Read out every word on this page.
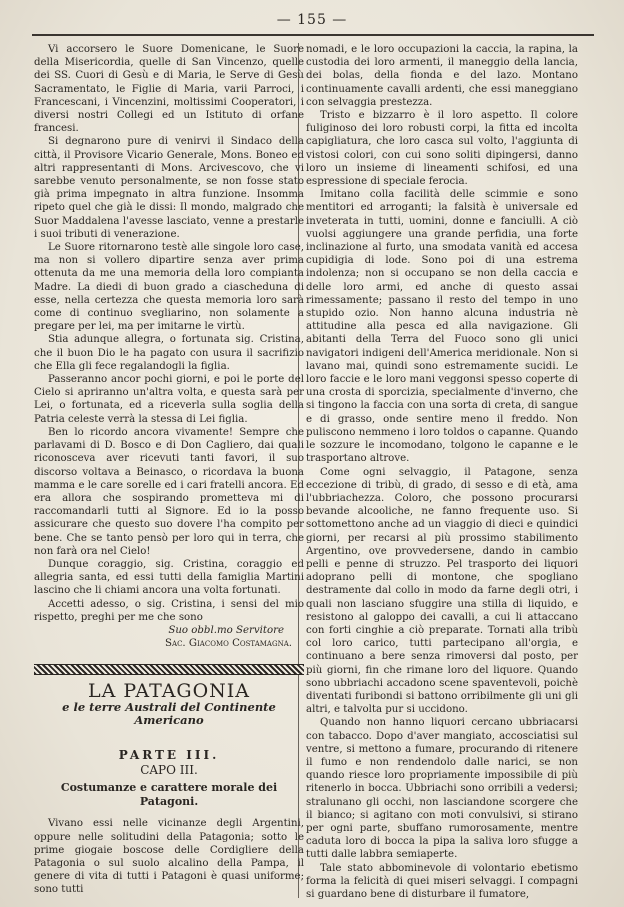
— 155 —

Vi accorsero le Suore Domenicane, le Suore della Misericordia, quelle di San Vincenzo, quelle dei SS. Cuori di Gesù e di Maria, le Serve di Gesù Sacramentato, le Figlie di Maria, varii Parroci, i Francescani, i Vincenzini, moltissimi Cooperatori, i diversi nostri Collegi ed un Istituto di orfane francesi.

Si degnarono pure di venirvi il Sindaco della città, il Provisore Vicario Generale, Mons. Boneo ed altri rappresentanti di Mons. Arcivescovo, che vi sarebbe venuto personalmente, se non fosse stato già prima impegnato in altra funzione. Insomma ripeto quel che già le dissi: Il mondo, malgrado che Suor Maddalena l'avesse lasciato, venne a prestarle i suoi tributi di venerazione.

Le Suore ritornarono testè alle singole loro case, ma non si vollero dipartire senza aver prima ottenuta da me una memoria della loro compianta Madre. La diedi di buon grado a ciascheduna di esse, nella certezza che questa memoria loro sarà come di continuo svegliarino, non solamente a pregare per lei, ma per imitarne le virtù.

Stia adunque allegra, o fortunata sig. Cristina, che il buon Dio le ha pagato con usura il sacrifizio che Ella gli fece regalandogli la figlia.

Passeranno ancor pochi giorni, e poi le porte del Cielo si apriranno un'altra volta, e questa sarà per Lei, o fortunata, ed a riceverla sulla soglia della Patria celeste verrà la stessa di Lei figlia.

Ben lo ricordo ancora vivamente! Sempre che parlavami di D. Bosco e di Don Cagliero, dai quali riconosceva aver ricevuti tanti favori, il suo discorso voltava a Beinasco, o ricordava la buona mamma e le care sorelle ed i cari fratelli ancora. Ed era allora che sospirando prometteva mi di raccomandarli tutti al Signore. Ed io la posso assicurare che questo suo dovere l'ha compito per bene. Che se tanto pensò per loro qui in terra, che non farà ora nel Cielo!

Dunque coraggio, sig. Cristina, coraggio ed allegria santa, ed essi tutti della famiglia Martini lascino che li chiami ancora una volta fortunati.

Accetti adesso, o sig. Cristina, i sensi del mio rispetto, preghi per me che sono

Suo obbl.mo Servitore

Sac. Giacomo Costamagna.

LA PATAGONIA

e le terre Australi del Continente Americano

PARTE III.

CAPO III.

Costumanze e carattere morale dei Patagoni.

Vivano essi nelle vicinanze degli Argentini, oppure nelle solitudini della Patagonia; sotto le prime giogaie boscose delle Cordigliere della Patagonia o sul suolo alcalino della Pampa, il genere di vita di tutti i Patagoni è quasi uniforme; sono tutti

nomadi, e le loro occupazioni la caccia, la rapina, la custodia dei loro armenti, il maneggio della lancia, dei bolas, della fionda e del lazo. Montano continuamente cavalli ardenti, che essi maneggiano con selvaggia prestezza.

Tristo e bizzarro è il loro aspetto. Il colore fuliginoso dei loro robusti corpi, la fitta ed incolta capigliatura, che loro cascа sul volto, l'aggiunta di vistosi colori, con cui sono soliti dipingersi, danno loro un insieme di lineamenti schifosi, ed una espressione di speciale ferocia.

Imitano colla facilità delle scimmie e sono mentitori ed arroganti; la falsità è universale ed inveterata in tutti, uomini, donne e fanciulli. A ciò vuolsi aggiungere una grande perfidia, una forte inclinazione al furto, una smodata vanità ed accesa cupidigia di lode. Sono poi di una estrema indolenza; non si occupano se non della caccia e delle loro armi, ed anche di questo assai rimessamente; passano il resto del tempo in uno stupido ozio. Non hanno alcuna industria nè attitudine alla pesca ed alla navigazione. Gli abitanti della Terra del Fuoco sono gli unici navigatori indigeni dell'America meridionale. Non si lavano mai, quindi sono estremamente sucidi. Le loro faccie e le loro mani veggonsi spesso coperte di una crosta di sporcizia, specialmente d'inverno, che si tingono la faccia con una sorta di creta, di sangue e di grasso, onde sentire meno il freddo. Non puliscono nemmeno i loro toldos o capanne. Quando le sozzure le incomodano, tolgono le capanne e le trasportano altrove.

Come ogni selvaggio, il Patagone, senza eccezione di tribù, di grado, di sesso e di età, ama l'ubbriachezza. Coloro, che possono procurarsi bevande alcooliche, ne fanno frequente uso. Si sottomettono anche ad un viaggio di dieci e quindici giorni, per recarsi al più prossimo stabilimento Argentino, ove provvedersene, dando in cambio pelli e penne di struzzo. Pel trasporto dei liquori adoprano pelli di montone, che spogliano destramente dal collo in modo da farne degli otri, i quali non lasciano sfuggire una stilla di liquido, e resistono al galoppo dei cavalli, a cui li attaccano con forti cinghie a ciò preparate. Tornati alla tribù col loro carico, tutti partecipano all'orgia, e continuano a bere senza rimoversi dal posto, per più giorni, fin che rimane loro del liquore. Quando sono ubbriachi accadono scene spaventevoli, poichè diventati furibondi si battono orribilmente gli uni gli altri, e talvolta pur si uccidono.

Quando non hanno liquori cercano ubbriacarsi con tabacco. Dopo d'aver mangiato, accosciatisi sul ventre, si mettono a fumare, procurando di ritenere il fumo e non rendendolo dalle narici, se non quando riesce loro propriamente impossibile di più ritenerlo in bocca. Ubbriachi sono orribili a vedersi; stralunano gli occhi, non lasciandone scorgere che il bianco; si agitano con moti convulsivi, si stirano per ogni parte, sbuffano rumorosamente, mentre cadutа loro di bocca la pipa la saliva loro sfugge a tutti dalle labbra semiaperte.

Tale stato abbominevole di volontario ebetismo forma la felicità di quei miseri selvaggi. I compagni si guardano bene di disturbare il fumatore,
